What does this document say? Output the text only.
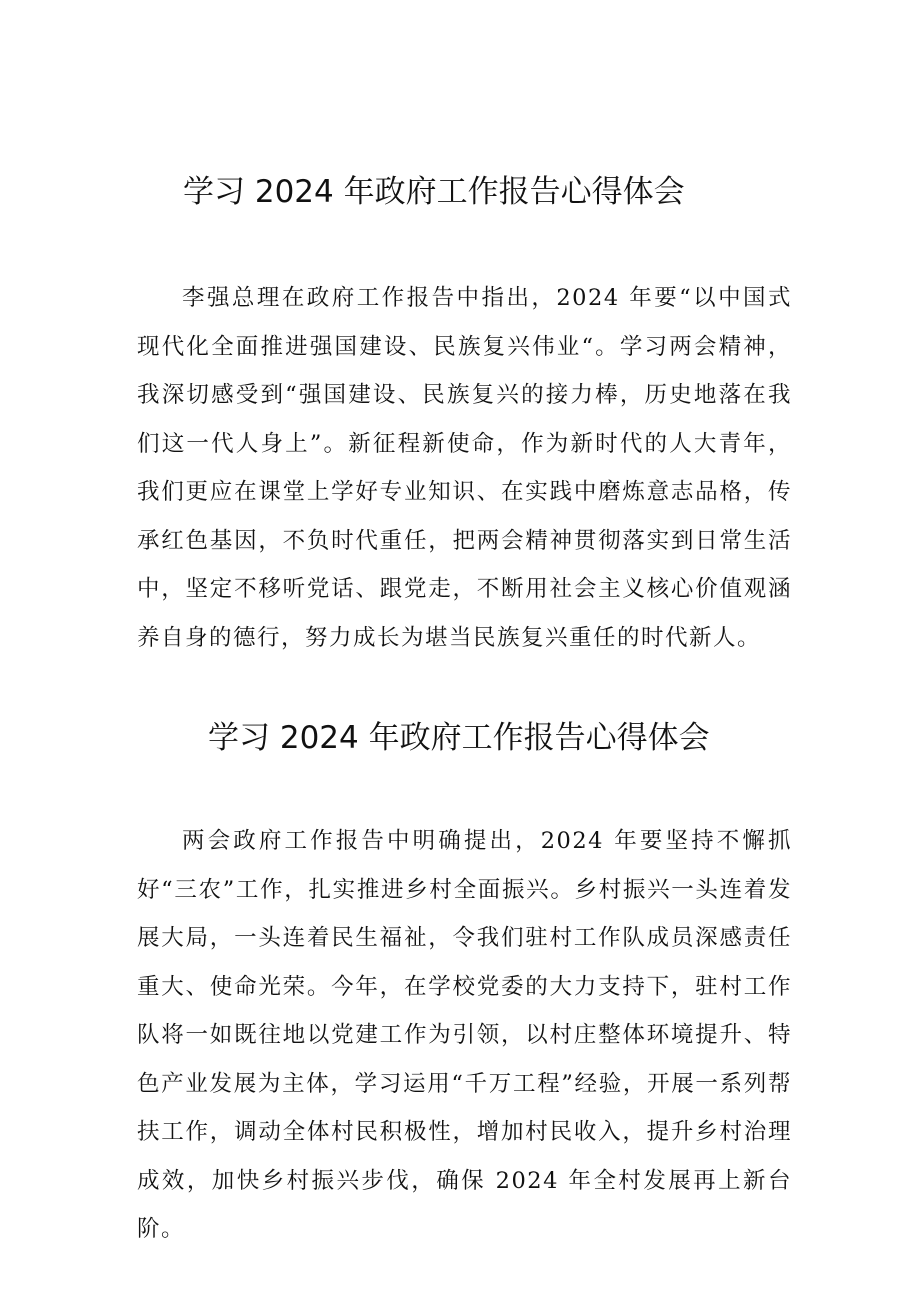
学习 2024 年政府工作报告心得体会

李强总理在政府工作报告中指出，2024 年要“以中国式现代化全面推进强国建设、民族复兴伟业“。学习两会精神，我深切感受到“强国建设、民族复兴的接力棒，历史地落在我们这一代人身上”。新征程新使命，作为新时代的人大青年，我们更应在课堂上学好专业知识、在实践中磨炼意志品格，传承红色基因，不负时代重任，把两会精神贯彻落实到日常生活中，坚定不移听党话、跟党走，不断用社会主义核心价值观涵养自身的德行，努力成长为堪当民族复兴重任的时代新人。

学习 2024 年政府工作报告心得体会

两会政府工作报告中明确提出，2024 年要坚持不懈抓好“三农”工作，扎实推进乡村全面振兴。乡村振兴一头连着发展大局，一头连着民生福祉，令我们驻村工作队成员深感责任重大、使命光荣。今年，在学校党委的大力支持下，驻村工作队将一如既往地以党建工作为引领，以村庄整体环境提升、特色产业发展为主体，学习运用“千万工程”经验，开展一系列帮扶工作，调动全体村民积极性，增加村民收入，提升乡村治理成效，加快乡村振兴步伐，确保 2024 年全村发展再上新台阶。
